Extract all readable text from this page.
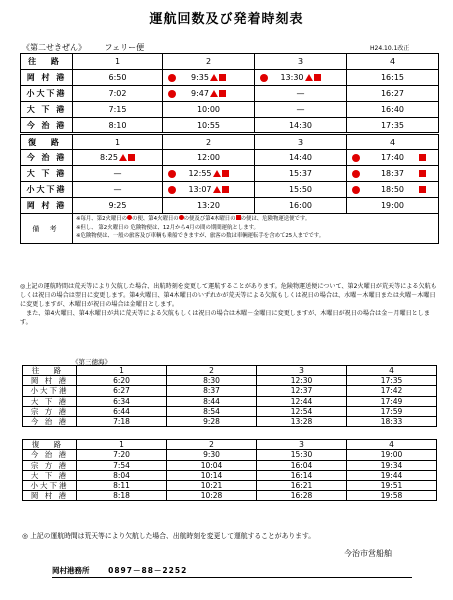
運航回数及び発着時刻表
《第二せきぜん》 フェリー便	H24.10.1改正
往 路	1	2	3	4
岡 村 港	6:50	9:35	13:30	16:15

小大下港	7:02	9:47	—	16:27

大 下 港	7:15	10:00	—	16:40

今 治 港	8:10	10:55	14:30	17:35

復 路	1	2	3	4
今 治 港	8:25	12:00	14:40	17:40

大 下 港	—	12:55	15:37	18:37

小大下港	—	13:07	15:50	18:50

岡 村 港	9:25	13:20	16:00	19:00

備 考	※毎月、第2火曜日の の便、第4火曜日の の便及び第4木曜日の の便は、危険物運送便です。
※但し、 第2火曜日の 危険物便は、12月から4月の間の期間運航とします。
※危険物便は、一般の旅客及び車輌も乗船できますが、旅客の数は車輌運転手を含めて25人までです。			

◎上記の運航時間は荒天等により欠航した場合、出航時刻を変更して運航することがあります。危険物運送便について、第2火曜日が荒天等による欠航もしくは祝日の場合は翌日に変更します。第4火曜日、第4木曜日のいずれかが荒天等による欠航もしくは祝日の場合は、水曜－木曜日または火曜－木曜日に変更しますが、木曜日が祝日の場合は金曜日とします。

　また、第4火曜日、第4水曜日が共に荒天等による欠航もしくは祝日の場合は木曜－金曜日に変更しますが、木曜日が祝日の場合は金－月曜日とします。

《第三徳海》
往 路	1	2	3	4
岡 村 港	6:20	8:30	12:30	17:35
小大下港	6:27	8:37	12:37	17:42
大 下 港	6:34	8:44	12:44	17:49
宗 方 港	6:44	8:54	12:54	17:59
今 治 港	7:18	9:28	13:28	18:33

復 路	1	2	3	4
今 治 港	7:20	9:30	15:30	19:00
宗 方 港	7:54	10:04	16:04	19:34
大 下 港	8:04	10:14	16:14	19:44
小大下港	8:11	10:21	16:21	19:51
岡 村 港	8:18	10:28	16:28	19:58
◎ 上記の運航時間は荒天等により欠航した場合、出航時刻を変更して運航することがあります。
今治市営船舶
岡村港務所 0897－88－2252
